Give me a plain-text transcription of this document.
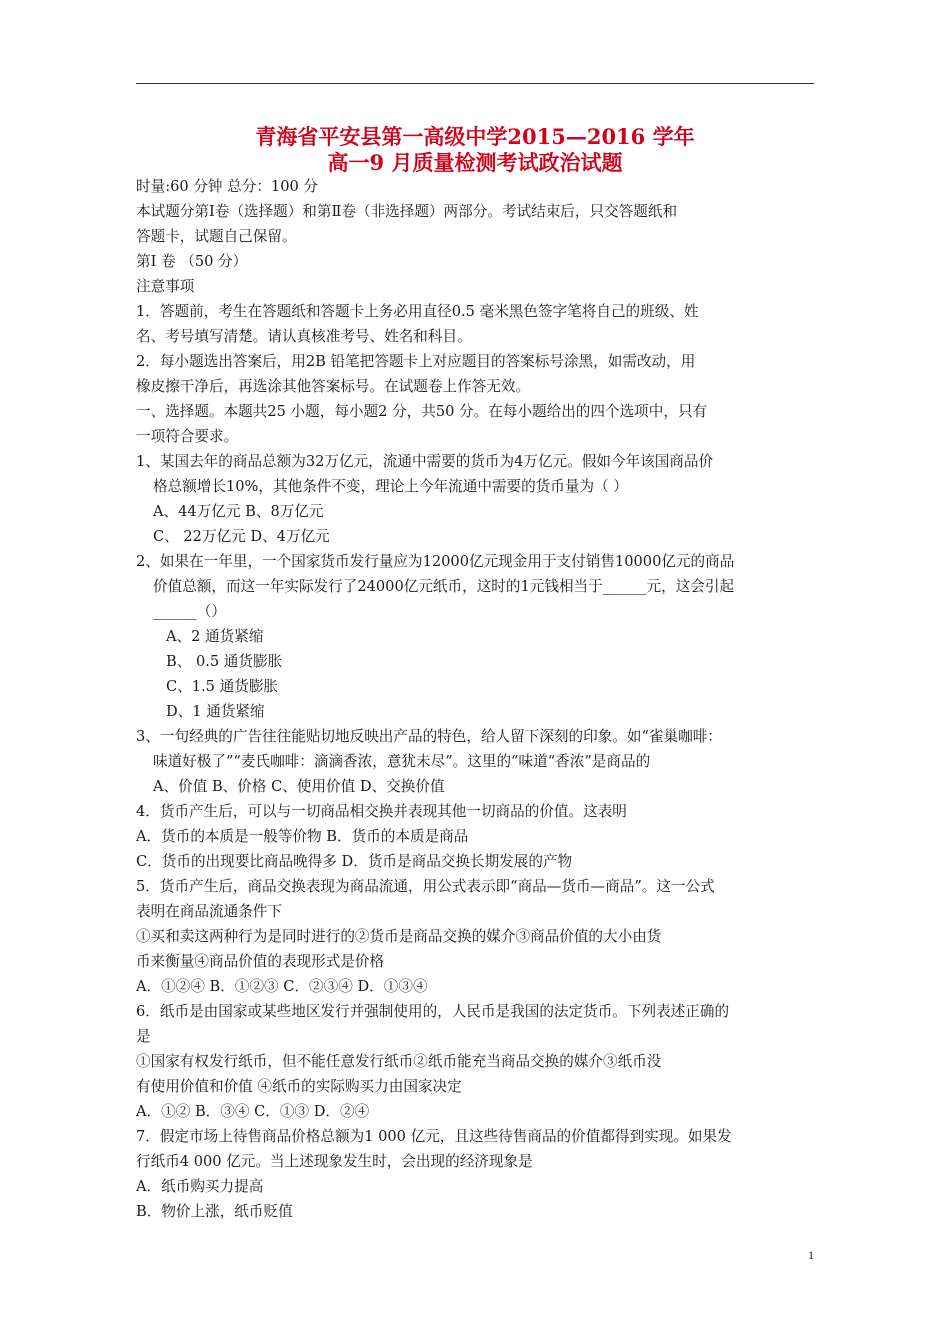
青海省平安县第一高级中学2015—2016 学年
高一9 月质量检测考试政治试题
时量:60 分钟 总分：100 分
本试题分第Ⅰ卷（选择题）和第Ⅱ卷（非选择题）两部分。考试结束后，只交答题纸和
答题卡，试题自己保留。
第I 卷 （50 分）
注意事项
1．答题前，考生在答题纸和答题卡上务必用直径0.5 毫米黑色签字笔将自己的班级、姓
名、考号填写清楚。请认真核准考号、姓名和科目。
2．每小题选出答案后，用2B 铅笔把答题卡上对应题目的答案标号涂黑，如需改动，用
橡皮擦干净后，再选涂其他答案标号。在试题卷上作答无效。
一、选择题。本题共25 小题，每小题2 分，共50 分。在每小题给出的四个选项中，只有
一项符合要求。
1、某国去年的商品总额为32万亿元，流通中需要的货币为4万亿元。假如今年该国商品价
格总额增长10%，其他条件不变，理论上今年流通中需要的货币量为（ ）
A、44万亿元 B、8万亿元
C、 22万亿元 D、4万亿元
2、如果在一年里，一个国家货币发行量应为12000亿元现金用于支付销售10000亿元的商品
价值总额，而这一年实际发行了24000亿元纸币，这时的1元钱相当于______元，这会引起
______（）
A、2 通货紧缩
B、 0.5 通货膨胀
C、1.5 通货膨胀
D、1 通货紧缩
3、一句经典的广告往往能贴切地反映出产品的特色，给人留下深刻的印象。如“雀巢咖啡：
味道好极了”“麦氏咖啡：滴滴香浓，意犹未尽”。这里的“味道“香浓”是商品的
A、价值 B、价格 C、使用价值 D、交换价值
4．货币产生后，可以与一切商品相交换并表现其他一切商品的价值。这表明
A．货币的本质是一般等价物 B．货币的本质是商品
C．货币的出现要比商品晚得多 D．货币是商品交换长期发展的产物
5．货币产生后，商品交换表现为商品流通，用公式表示即“商品—货币—商品”。这一公式
表明在商品流通条件下
①买和卖这两种行为是同时进行的②货币是商品交换的媒介③商品价值的大小由货
币来衡量④商品价值的表现形式是价格
A．①②④ B．①②③ C．②③④ D．①③④
6．纸币是由国家或某些地区发行并强制使用的，人民币是我国的法定货币。下列表述正确的
是
①国家有权发行纸币，但不能任意发行纸币②纸币能充当商品交换的媒介③纸币没
有使用价值和价值 ④纸币的实际购买力由国家决定
A．①② B．③④ C．①③ D．②④
7．假定市场上待售商品价格总额为1 000 亿元，且这些待售商品的价值都得到实现。如果发
行纸币4 000 亿元。当上述现象发生时，会出现的经济现象是
A．纸币购买力提高
B．物价上涨，纸币贬值
1
